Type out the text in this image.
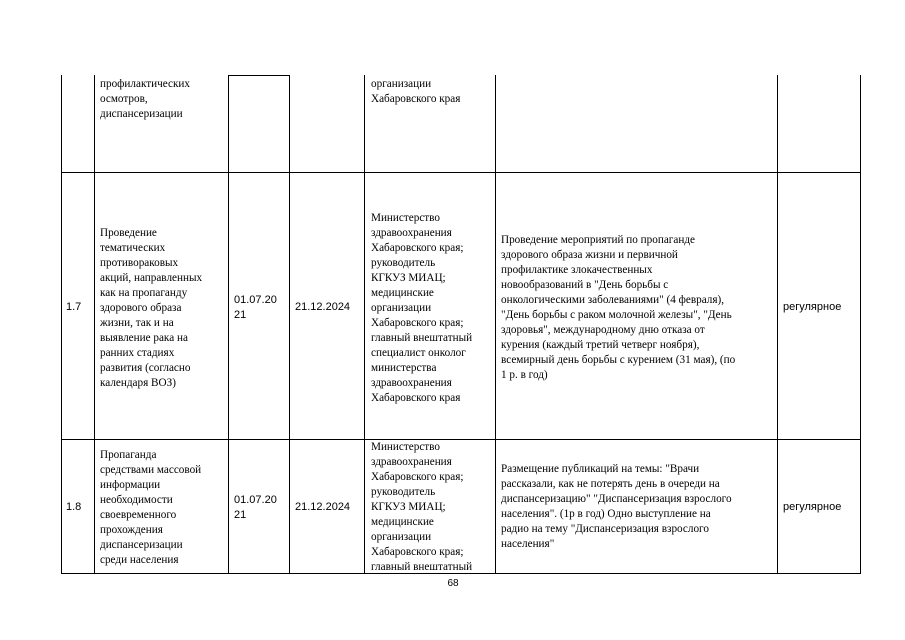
профилактических
осмотров,
диспансеризации
организации
Хабаровского края
1.7
Проведение
тематических
противораковых
акций, направленных
как на пропаганду
здорового образа
жизни, так и на
выявление рака на
ранних стадиях
развития (согласно
календаря ВОЗ)
01.07.20
21
21.12.2024
Министерство
здравоохранения
Хабаровского края;
руководитель
КГКУЗ МИАЦ;
медицинские
организации
Хабаровского края;
главный внештатный
специалист онколог
министерства
здравоохранения
Хабаровского края
Проведение мероприятий по пропаганде
здорового образа жизни и первичной
профилактике злокачественных
новообразований в "День борьбы с
онкологическими заболеваниями" (4 февраля),
"День борьбы с раком молочной железы", "День
здоровья", международному дню отказа от
курения (каждый третий четверг ноября),
всемирный день борьбы с курением (31 мая), (по
1 р. в год)
регулярное
1.8
Пропаганда
средствами массовой
информации
необходимости
своевременного
прохождения
диспансеризации
среди населения
01.07.20
21
21.12.2024
Министерство
здравоохранения
Хабаровского края;
руководитель
КГКУЗ МИАЦ;
медицинские
организации
Хабаровского края;
главный внештатный
Размещение публикаций на темы: "Врачи
рассказали, как не потерять день в очереди на
диспансеризацию" "Диспансеризация взрослого
населения". (1р в год) Одно выступление на
радио на тему "Диспансеризация взрослого
населения"
регулярное
68
